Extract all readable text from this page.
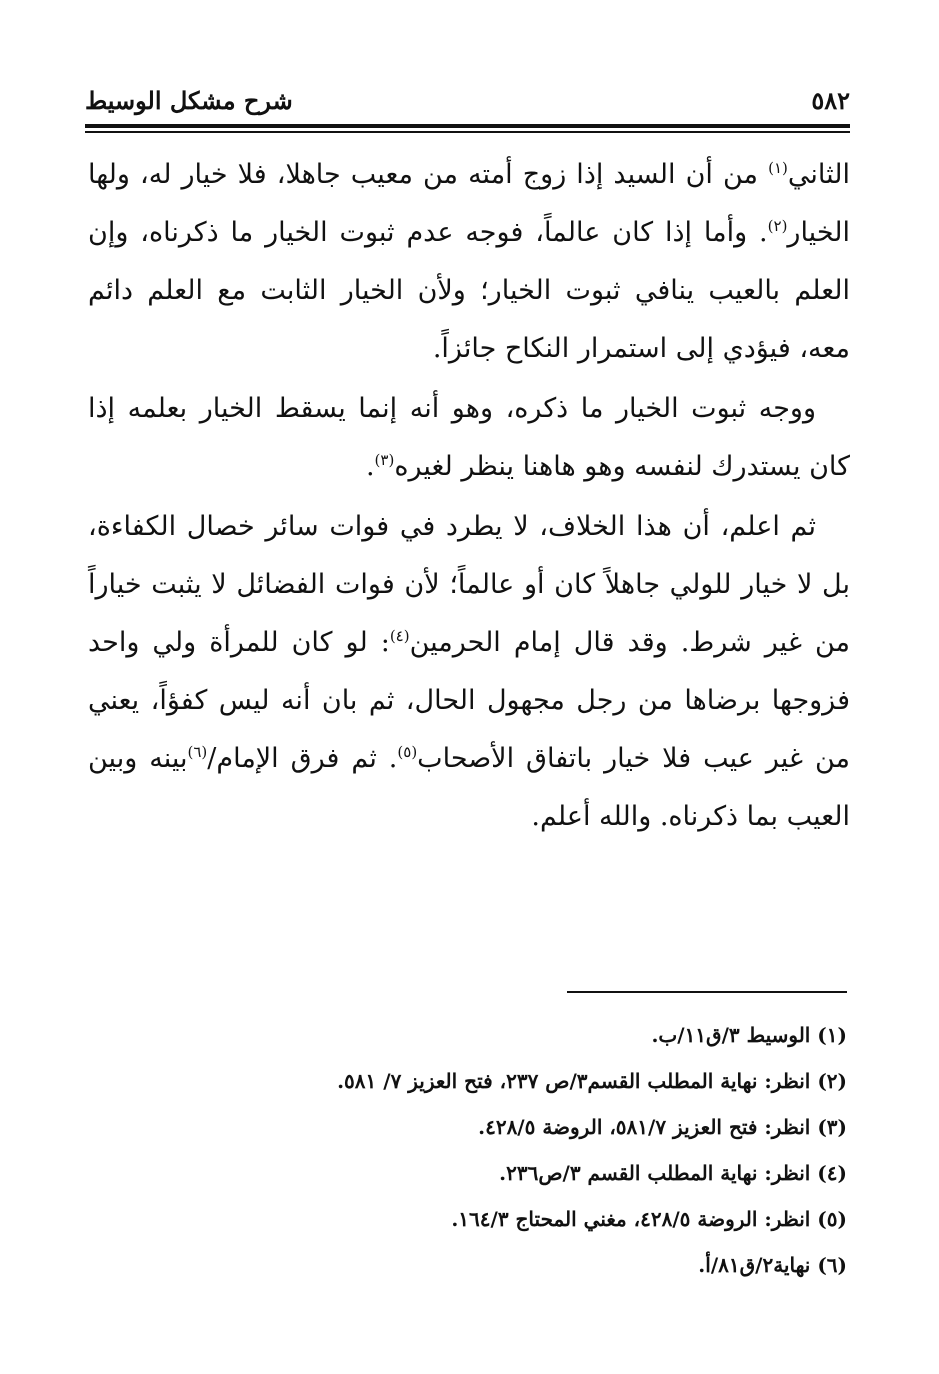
٥٨٢
شرح مشكل الوسيط

الثاني$^{(١)}$ من أن السيد إذا زوج أمته من معيب جاهلا، فلا خيار له، ولها الخيار$^{(٢)}$. وأما إذا كان عالماً، فوجه عدم ثبوت الخيار ما ذكرناه، وإن العلم بالعيب ينافي ثبوت الخيار؛ ولأن الخيار الثابت مع العلم دائم معه، فيؤدي إلى استمرار النكاح جائزاً.

ووجه ثبوت الخيار ما ذكره، وهو أنه إنما يسقط الخيار بعلمه إذا كان يستدرك لنفسه وهو هاهنا ينظر لغيره$^{(٣)}$.

ثم اعلم، أن هذا الخلاف، لا يطرد في فوات سائر خصال الكفاءة، بل لا خيار للولي جاهلاً كان أو عالماً؛ لأن فوات الفضائل لا يثبت خياراً من غير شرط. وقد قال إمام الحرمين$^{(٤)}$: لو كان للمرأة ولي واحد فزوجها برضاها من رجل مجهول الحال، ثم بان أنه ليس كفؤاً، يعني من غير عيب فلا خيار باتفاق الأصحاب$^{(٥)}$. ثم فرق الإمام/$^{(٦)}$بينه وبين العيب بما ذكرناه. والله أعلم.

(١) الوسيط ٣/ق١١/ب.
(٢) انظر: نهاية المطلب القسم٣/ص ٢٣٧، فتح العزيز ٧/ ٥٨١.
(٣) انظر: فتح العزيز ٥٨١/٧، الروضة ٤٢٨/٥.
(٤) انظر: نهاية المطلب القسم ٣/ص٢٣٦.
(٥) انظر: الروضة ٤٢٨/٥، مغني المحتاج ١٦٤/٣.
(٦) نهاية٢/ق٨١/أ.
